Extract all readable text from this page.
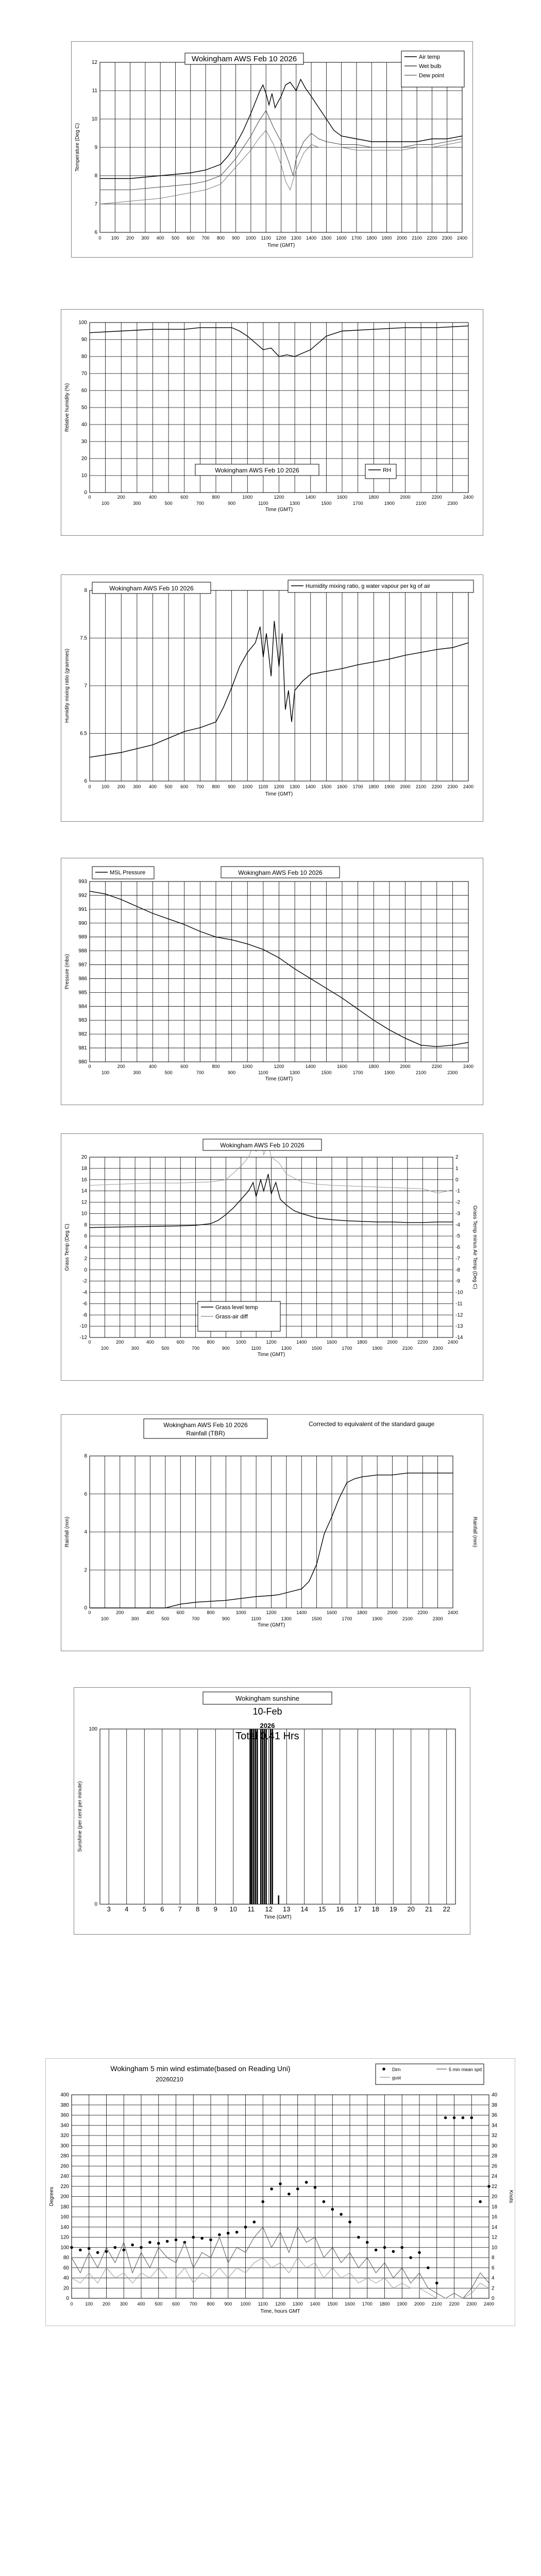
6
7
8
9
10
11
12
0 100 200 300 400 500 600 700 800 900 1000 1100 1200 1300 1400 1500 1600 1700 1800 1900 2000 2100 2200 2300 2400
Time (GMT)
Temperature (Deg C)
Wokingham AWS Feb 10 2026	Air temp
Wet bulb
Dew point
0
10
20
30
40
50
60
70
80
90
100
0	200	400	600	800	1000	1200	1400	1600	1800	2000	2200	2400
100	300	500	700	900	1100	1300	1500	1700	1900	2100	2300
Time (GMT)
Relative humidity (%)
Wokingham AWS Feb 10 2026	RH
6
6.5
7
7.5
8
0 100 200 300 400 500 600 700 800 900 1000 1100 1200 1300 1400 1500 1600 1700 1800 1900 2000 2100 2200 2300 2400
Time (GMT)
Humidity mixing ratio (grammes)
Wokingham AWS Feb 10 2026	Humidity mixing ratio, g water vapour per kg of air
980
981
982
983
984
985
986
987
988
989
990
991
992
993
0	200	400	600	800	1000	1200	1400	1600	1800	2000	2200	2400
100	300	500	700	900	1100	1300	1500	1700	1900	2100	2300
Time (GMT)
Pressure (mbs)
Wokingham AWS Feb 10 2026
MSL Pressure
-12
-10
-8
-6
-4
-2
0
2
4
6
8
10
12
14
16
18
20
-14
-13
-12
-11
-10
-9
-8
-7
-6
-5
-4
-3
-2
-1
0
1
2
0	200	400	600	800	1000	1200	1400	1600	1800	2000	2200	2400
100	300	500	700	900	1100	1300	1500	1700	1900	2100	2300
Time (GMT)
Grass Temp (Deg C)	Grass Temp minus Air Temp (Deg C)
Wokingham AWS Feb 10 2026
Grass level temp
Grass-air diff
0
2
4
6
8
0	200	400	600	800	1000	1200	1400	1600	1800	2000	2200	2400
100	300	500	700	900	1100	1300	1500	1700	1900	2100	2300
Time (GMT)
Rainfall (mm)	Rainfall (mm)
Wokingham AWS Feb 10 2026
Rainfall (TBR)
Corrected to equivalent of the standard gauge
0
100
3 4 5 6 7 8 9 10 11 12 13 14 15 16 17 18 19 20 21 22
Time (GMT)
Sunshine (per cent per minute)
Wokingham sunshine
10-Feb
2026
Total 0.41 Hrs
0
20
40
60
80
100
120
140
160
180
200
220
240
260
280
300
320
340
360
380
400
0
2
4
6
8
10
12
14
16
18
20
22
24
26
28
30
32
34
36
38
40
0	100 200 300 400 500 600 700 800 900 1000 1100 1200 1300 1400 1500 1600 1700 1800 1900 2000 2100 2200 2300 2400
Time, hours GMT
Degrees	Knots
Wokingham 5 min wind estimate(based on Reading Uni)
20260210
Dirn	5 min mean spd
gust
